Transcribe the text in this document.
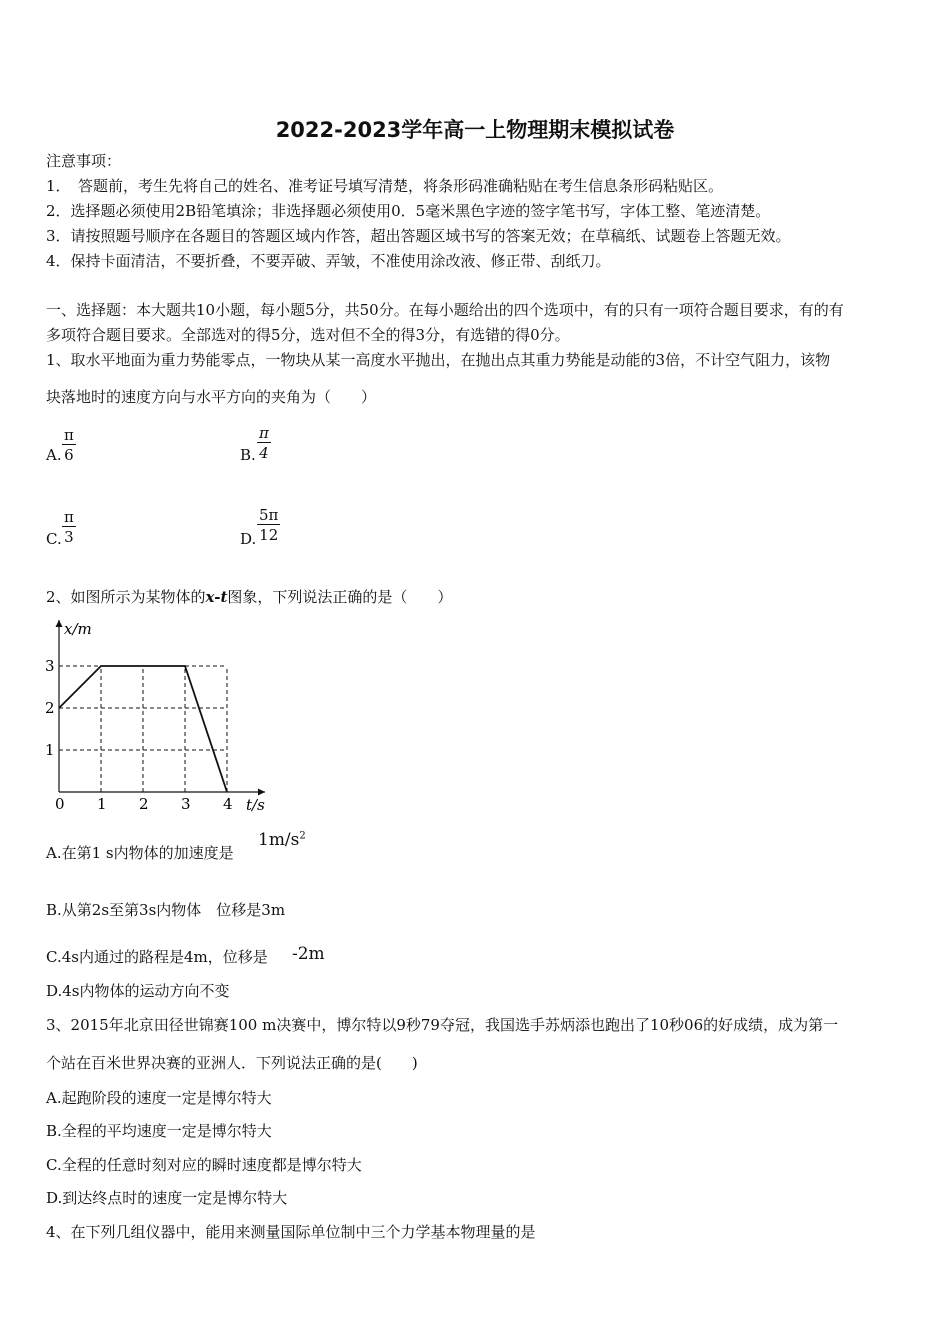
2022-2023学年高一上物理期末模拟试卷
注意事项：
1．　答题前，考生先将自己的姓名、准考证号填写清楚，将条形码准确粘贴在考生信息条形码粘贴区。
2．选择题必须使用2B铅笔填涂；非选择题必须使用0．5毫米黑色字迹的签字笔书写，字体工整、笔迹清楚。
3．请按照题号顺序在各题目的答题区域内作答，超出答题区域书写的答案无效；在草稿纸、试题卷上答题无效。
4．保持卡面清洁，不要折叠，不要弄破、弄皱，不准使用涂改液、修正带、刮纸刀。
一、选择题：本大题共10小题，每小题5分，共50分。在每小题给出的四个选项中，有的只有一项符合题目要求，有的有
多项符合题目要求。全部选对的得5分，选对但不全的得3分，有选错的得0分。
1、取水平地面为重力势能零点，一物块从某一高度水平抛出，在抛出点其重力势能是动能的3倍，不计空气阻力，该物
块落地时的速度方向与水平方向的夹角为（　　）
A. $\frac{\pi}{6}$	B. $\frac{\pi}{4}$
C. $\frac{\pi}{3}$	D. $\frac{5\pi}{12}$
2、如图所示为某物体的x-t图象，下列说法正确的是（　　）
0 1 2 3 4
1
2
3
x/m
t/s
A.在第1 s内物体的加速度是
$1m/s^2$
B.从第2s至第3s内物体　位移是3m
C.4s内通过的路程是4m，位移是 -2m
D.4s内物体的运动方向不变
3、2015年北京田径世锦赛100 m决赛中，博尔特以9秒79夺冠，我国选手苏炳添也跑出了10秒06的好成绩，成为第一
个站在百米世界决赛的亚洲人．下列说法正确的是(　　)
A.起跑阶段的速度一定是博尔特大
B.全程的平均速度一定是博尔特大
C.全程的任意时刻对应的瞬时速度都是博尔特大
D.到达终点时的速度一定是博尔特大
4、在下列几组仪器中，能用来测量国际单位制中三个力学基本物理量的是
